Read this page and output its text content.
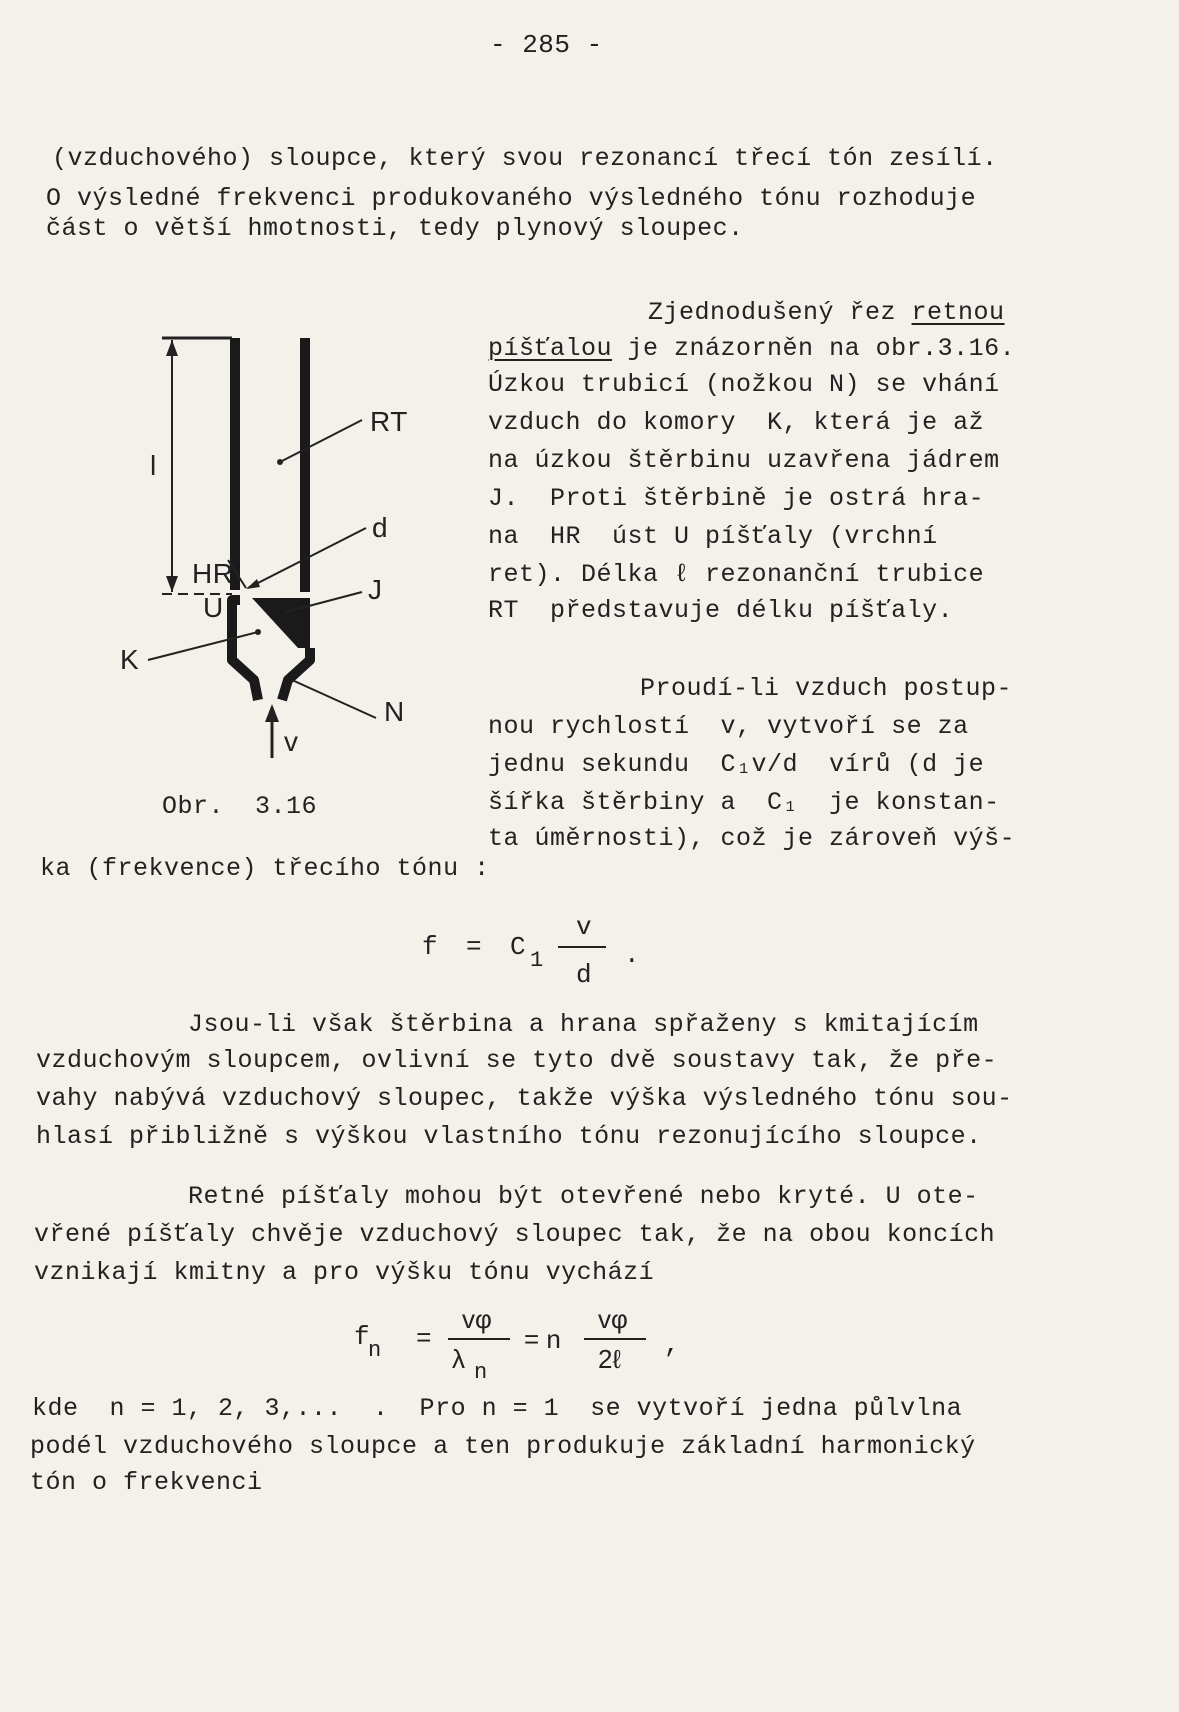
- 285 -
(vzduchového) sloupce, který svou rezonancí třecí tón zesílí.
O výsledné frekvenci produkovaného výsledného tónu rozhoduje
část o větší hmotnosti, tedy plynový sloupec.
Zjednodušený řez retnou
píšťalou je znázorněn na obr.3.16.
Úzkou trubicí (nožkou N) se vhání
vzduch do komory  K, která je až
na úzkou štěrbinu uzavřena jádrem
J.  Proti štěrbině je ostrá hra-
na  HR  úst U píšťaly (vrchní
ret). Délka ℓ rezonanční trubice
RT  představuje délku píšťaly.
Proudí-li vzduch postup-
nou rychlostí  v, vytvoří se za
jednu sekundu  C₁v/d  vírů (d je
šířka štěrbiny a  C₁  je konstan-
ta úměrnosti), což je zároveň výš-
RT
l
d
HR
U
J
K
N
v
Obr.  3.16
ka (frekvence) třecího tónu :
f = C 1
v
d
.
Jsou-li však štěrbina a hrana spřaženy s kmitajícím
vzduchovým sloupcem, ovlivní se tyto dvě soustavy tak, že pře-
vahy nabývá vzduchový sloupec, takže výška výsledného tónu sou-
hlasí přibližně s výškou vlastního tónu rezonujícího sloupce.
Retné píšťaly mohou být otevřené nebo kryté. U ote-
vřené píšťaly chvěje vzduchový sloupec tak, že na obou koncích
vznikají kmitny a pro výšku tónu vychází
f
n =
vφ
λ n
= n
vφ
2ℓ ,
kde  n = 1, 2, 3,...  .  Pro n = 1  se vytvoří jedna půlvlna
podél vzduchového sloupce a ten produkuje základní harmonický
tón o frekvenci
